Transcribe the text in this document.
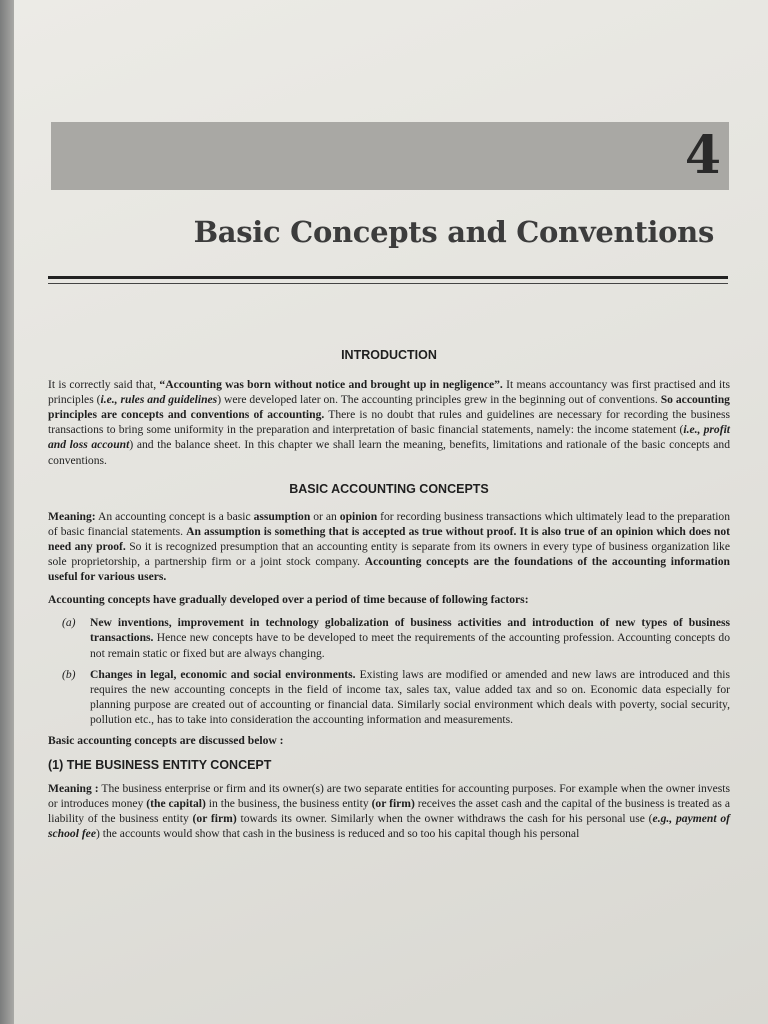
4
Basic Concepts and Conventions
INTRODUCTION

It is correctly said that, “Accounting was born without notice and brought up in negligence”. It means accountancy was first practised and its principles (i.e., rules and guidelines) were developed later on. The accounting principles grew in the beginning out of conventions. So accounting principles are concepts and conventions of accounting. There is no doubt that rules and guidelines are necessary for recording the business transactions to bring some uniformity in the preparation and interpretation of basic financial statements, namely: the income statement (i.e., profit and loss account) and the balance sheet. In this chapter we shall learn the meaning, benefits, limitations and rationale of the basic concepts and conventions.

BASIC ACCOUNTING CONCEPTS

Meaning: An accounting concept is a basic assumption or an opinion for recording business transactions which ultimately lead to the preparation of basic financial statements. An assumption is something that is accepted as true without proof. It is also true of an opinion which does not need any proof. So it is recognized presumption that an accounting entity is separate from its owners in every type of business organization like sole proprietorship, a partnership firm or a joint stock company. Accounting concepts are the foundations of the accounting information useful for various users.

Accounting concepts have gradually developed over a period of time because of following factors:

(a)	New inventions, improvement in technology globalization of business activities and introduction of new types of business transactions. Hence new concepts have to be developed to meet the requirements of the accounting profession. Accounting concepts do not remain static or fixed but are always changing.
(b)	Changes in legal, economic and social environments. Existing laws are modified or amended and new laws are introduced and this requires the new accounting concepts in the field of income tax, sales tax, value added tax and so on. Economic data especially for planning purpose are created out of accounting or financial data. Similarly social environment which deals with poverty, social security, pollution etc., has to take into consideration the accounting information and measurements.

Basic accounting concepts are discussed below :

(1) THE BUSINESS ENTITY CONCEPT

Meaning : The business enterprise or firm and its owner(s) are two separate entities for accounting purposes. For example when the owner invests or introduces money (the capital) in the business, the business entity (or firm) receives the asset cash and the capital of the business is treated as a liability of the business entity (or firm) towards its owner. Similarly when the owner withdraws the cash for his personal use (e.g., payment of school fee) the accounts would show that cash in the business is reduced and so too his capital though his personal
